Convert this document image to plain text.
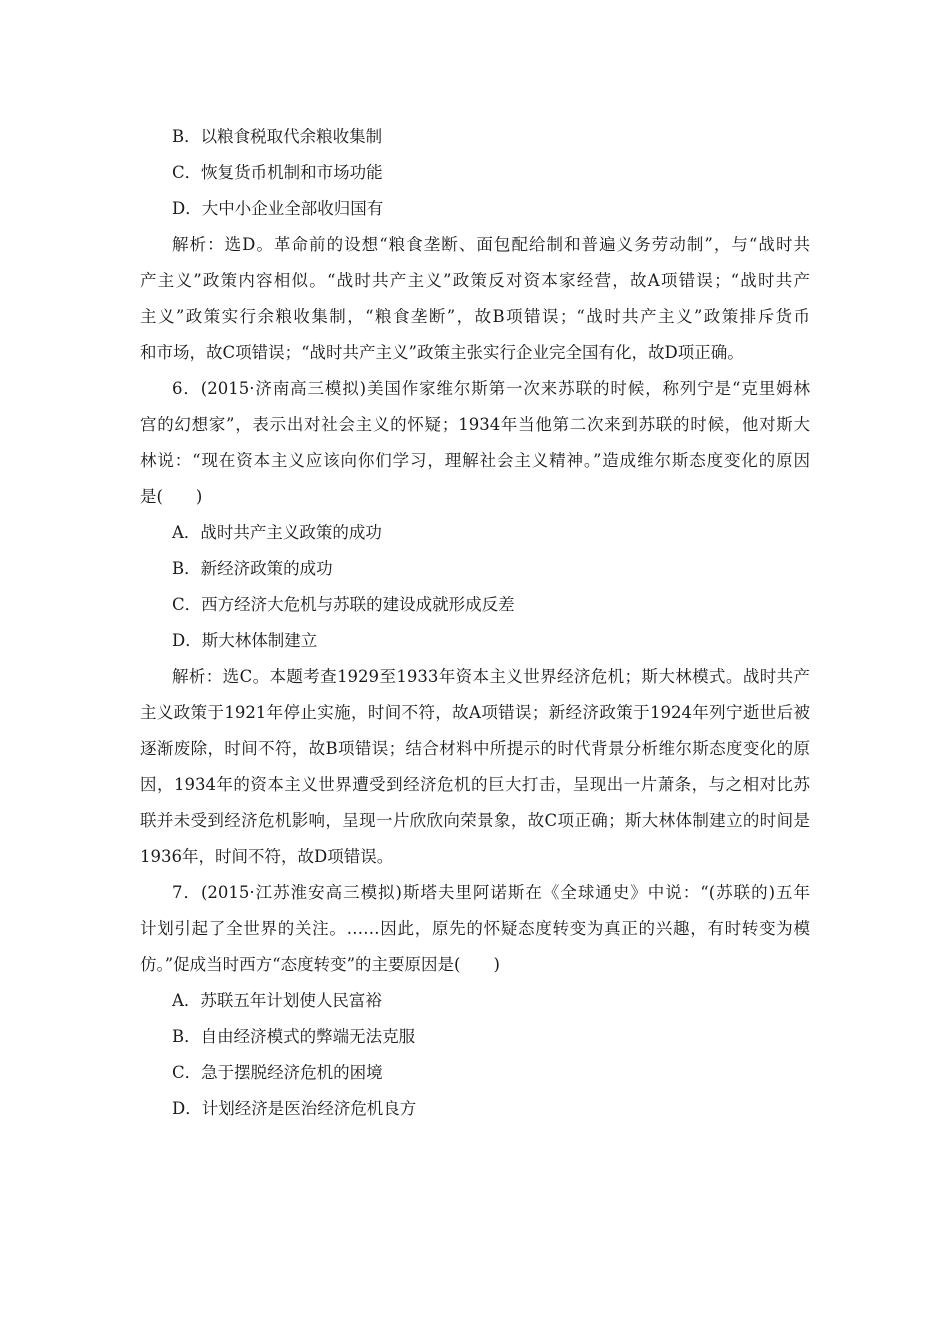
B．以粮食税取代余粮收集制
C．恢复货币机制和市场功能
D．大中小企业全部收归国有
解析：选D。革命前的设想“粮食垄断、面包配给制和普遍义务劳动制”，与“战时共
产主义”政策内容相似。“战时共产主义”政策反对资本家经营，故A项错误；“战时共产
主义”政策实行余粮收集制，“粮食垄断”，故B项错误；“战时共产主义”政策排斥货币
和市场，故C项错误；“战时共产主义”政策主张实行企业完全国有化，故D项正确。
6．(2015·济南高三模拟)美国作家维尔斯第一次来苏联的时候，称列宁是“克里姆林
宫的幻想家”，表示出对社会主义的怀疑；1934年当他第二次来到苏联的时候，他对斯大
林说：“现在资本主义应该向你们学习，理解社会主义精神。”造成维尔斯态度变化的原因
是(　　)
A．战时共产主义政策的成功
B．新经济政策的成功
C．西方经济大危机与苏联的建设成就形成反差
D．斯大林体制建立
解析：选C。本题考查1929至1933年资本主义世界经济危机；斯大林模式。战时共产
主义政策于1921年停止实施，时间不符，故A项错误；新经济政策于1924年列宁逝世后被
逐渐废除，时间不符，故B项错误；结合材料中所提示的时代背景分析维尔斯态度变化的原
因，1934年的资本主义世界遭受到经济危机的巨大打击，呈现出一片萧条，与之相对比苏
联并未受到经济危机影响，呈现一片欣欣向荣景象，故C项正确；斯大林体制建立的时间是
1936年，时间不符，故D项错误。
7．(2015·江苏淮安高三模拟)斯塔夫里阿诺斯在《全球通史》中说：“(苏联的)五年
计划引起了全世界的关注。……因此，原先的怀疑态度转变为真正的兴趣，有时转变为模
仿。”促成当时西方“态度转变”的主要原因是(　　)
A．苏联五年计划使人民富裕
B．自由经济模式的弊端无法克服
C．急于摆脱经济危机的困境
D．计划经济是医治经济危机良方
